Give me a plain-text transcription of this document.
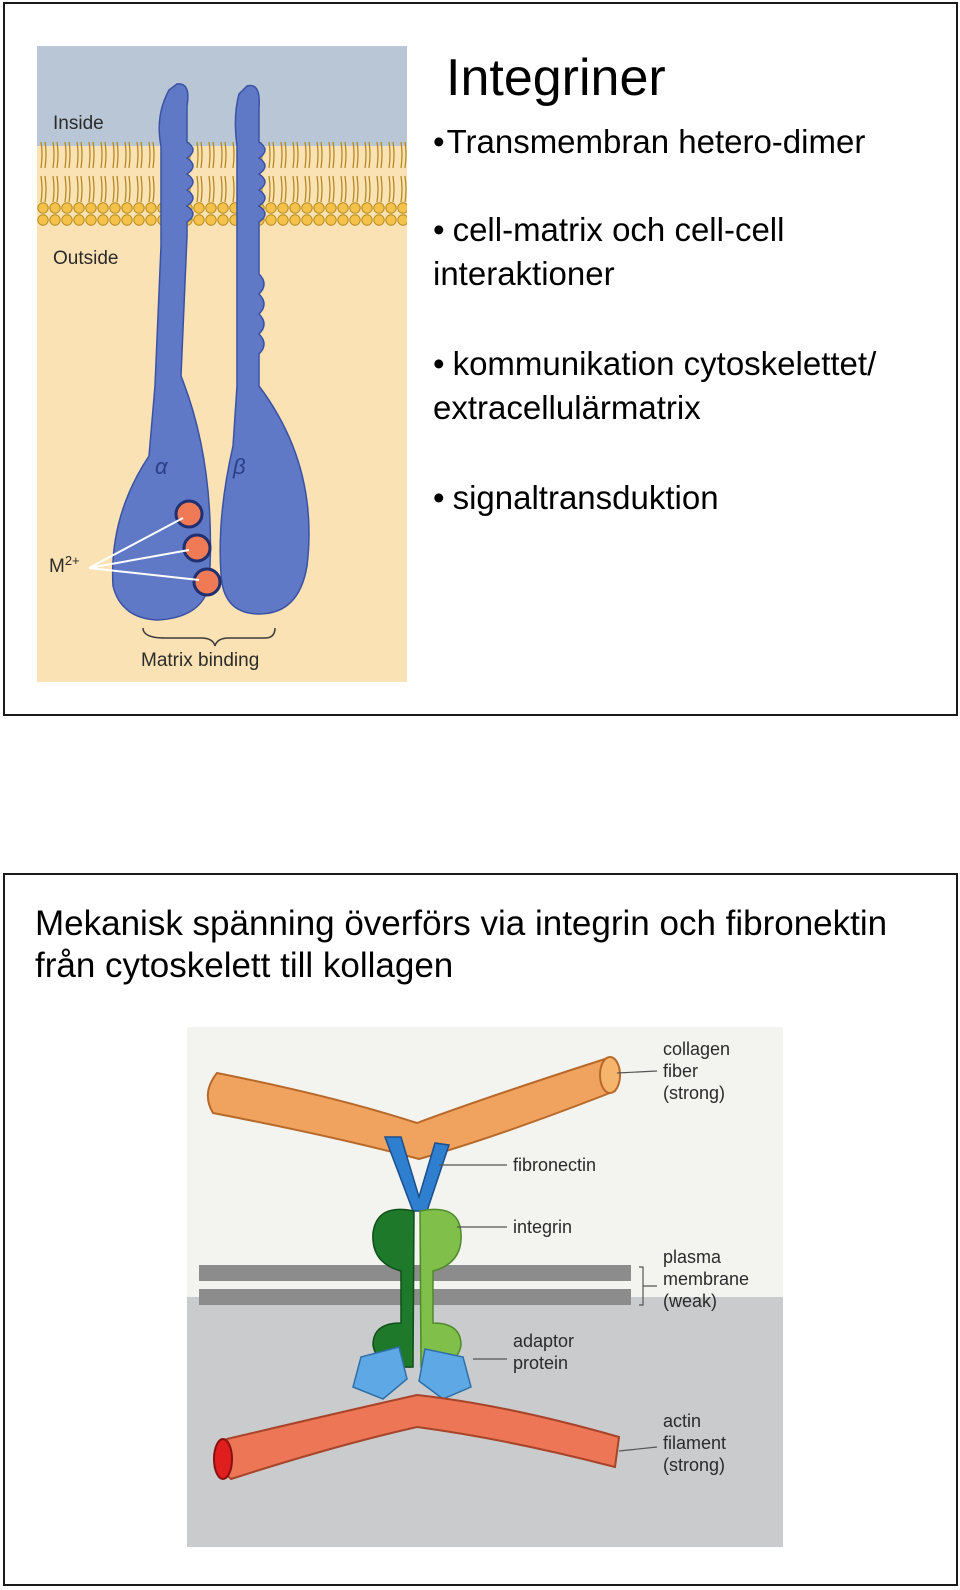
Inside
Outside
α	β
$M^{2+}$
Matrix binding
Integriner
•Transmembran hetero-dimer
• cell-matrix och cell-cell interaktioner
• kommunikation cytoskelettet/ extracellulärmatrix
• signaltransduktion
Mekanisk spänning överförs via integrin och fibronektin från cytoskelett till kollagen
collagen fiber (strong)
fibronectin
integrin
plasma membrane (weak)
adaptor protein
actin filament (strong)
